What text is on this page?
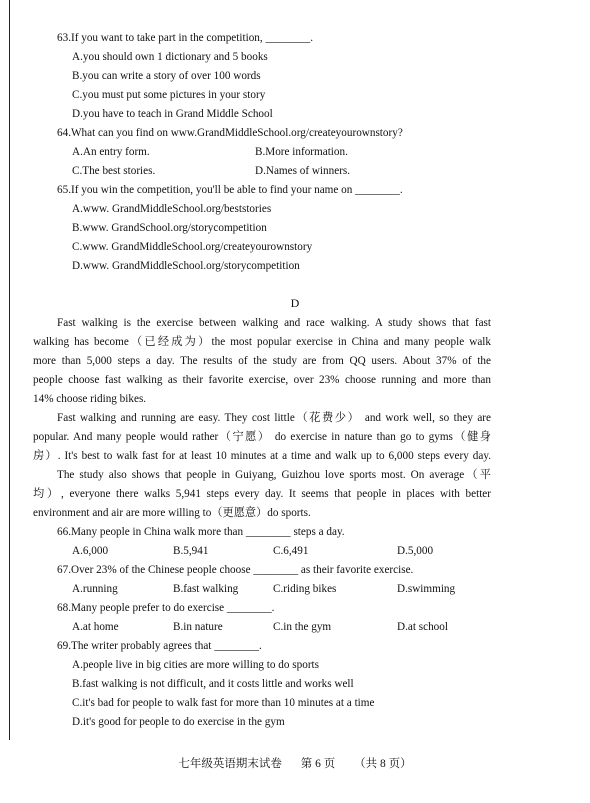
63.If you want to take part in the competition, ________.
A.you should own 1 dictionary and 5 books
B.you can write a story of over 100 words
C.you must put some pictures in your story
D.you have to teach in Grand Middle School
64.What can you find on www.GrandMiddleSchool.org/createyourownstory?
A.An entry form.	B.More information.
C.The best stories.	D.Names of winners.
65.If you win the competition, you'll be able to find your name on ________.
A.www. GrandMiddleSchool.org/beststories
B.www. GrandSchool.org/storycompetition
C.www. GrandMiddleSchool.org/createyourownstory
D.www. GrandMiddleSchool.org/storycompetition
D
Fast walking is the exercise between walking and race walking. A study shows that fast
walking has become（已经成为）the most popular exercise in China and many people walk
more than 5,000 steps a day. The results of the study are from QQ users. About 37% of the
people choose fast walking as their favorite exercise, over 23% choose running and more than
14% choose riding bikes.
Fast walking and running are easy. They cost little（花费少） and work well, so they are
popular. And many people would rather（宁愿） do exercise in nature than go to gyms（健身
房）. It's best to walk fast for at least 10 minutes at a time and walk up to 6,000 steps every day.
The study also shows that people in Guiyang, Guizhou love sports most. On average（平
均）, everyone there walks 5,941 steps every day. It seems that people in places with better
environment and air are more willing to（更愿意）do sports.
66.Many people in China walk more than ________ steps a day.
A.6,000	B.5,941	C.6,491	D.5,000
67.Over 23% of the Chinese people choose ________ as their favorite exercise.
A.running	B.fast walking	C.riding bikes	D.swimming
68.Many people prefer to do exercise ________.
A.at home	B.in nature	C.in the gym	D.at school
69.The writer probably agrees that ________.
A.people live in big cities are more willing to do sports
B.fast walking is not difficult, and it costs little and works well
C.it's bad for people to walk fast for more than 10 minutes at a time
D.it's good for people to do exercise in the gym
七年级英语期末试卷 第 6 页 （共 8 页）
